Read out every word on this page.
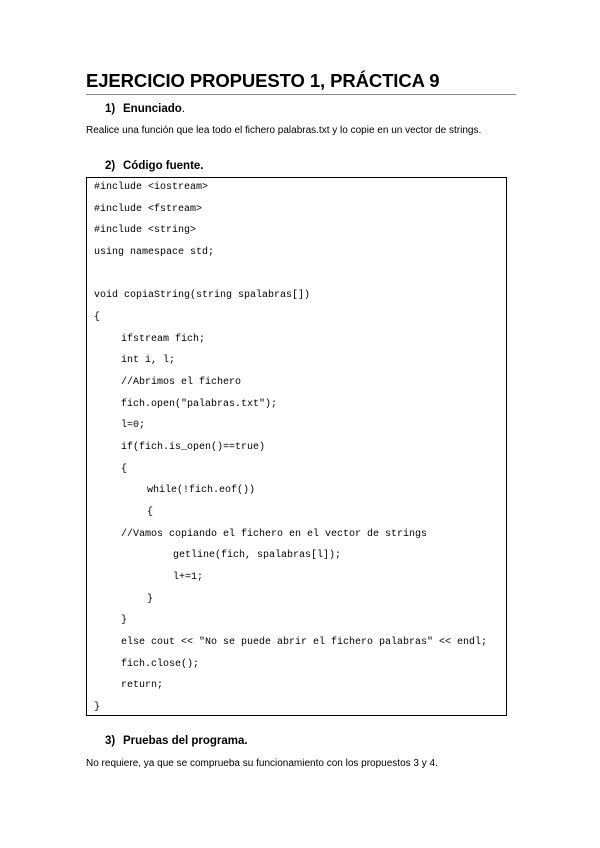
EJERCICIO PROPUESTO 1, PRÁCTICA 9
1) Enunciado.

Realice una función que lea todo el fichero palabras.txt y lo copie en un vector de strings.

2) Código fuente.
#include <iostream>
#include <fstream>
#include <string>
using namespace std;
void copiaString(string spalabras[])
{
ifstream fich;
int i, l;
//Abrimos el fichero
fich.open("palabras.txt");
l=0;
if(fich.is_open()==true)
{
while(!fich.eof())
{
//Vamos copiando el fichero en el vector de strings
getline(fich, spalabras[l]);
l+=1;
}
}
else cout << "No se puede abrir el fichero palabras" << endl;
fich.close();
return;
}
3) Pruebas del programa.

No requiere, ya que se comprueba su funcionamiento con los propuestos 3 y 4.
